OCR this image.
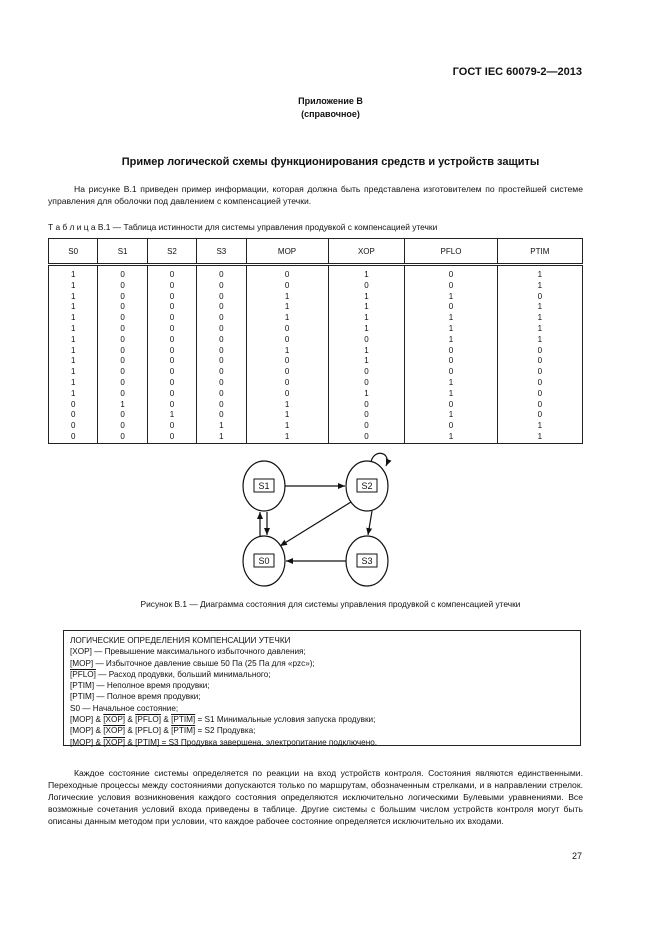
ГОСТ IEC 60079-2—2013
Приложение В
(справочное)
Пример логической схемы функционирования средств и устройств защиты
На рисунке В.1 приведен пример информации, которая должна быть представлена изготовителем по простейшей системе управления для оболочки под давлением с компенсацией утечки.
Т а б л и ц а В.1 — Таблица истинности для системы управления продувкой с компенсацией утечки
S0	S1	S2	S3	MOP	XOP	PFLO	PTIM
1	0	0	0	0	1	0	1
1	0	0	0	0	0	0	1
1	0	0	0	1	1	1	0
1	0	0	0	1	1	0	1
1	0	0	0	1	1	1	1
1	0	0	0	0	1	1	1
1	0	0	0	0	0	1	1
1	0	0	0	1	1	0	0
1	0	0	0	0	1	0	0
1	0	0	0	0	0	0	0
1	0	0	0	0	0	1	0
1	0	0	0	0	1	1	0
0	1	0	0	1	0	0	0
0	0	1	0	1	0	1	0
0	0	0	1	1	0	0	1
0	0	0	1	1	0	1	1
S1	S2
S0	S3
Рисунок В.1 — Диаграмма состояния для системы управления продувкой с компенсацией утечки
ЛОГИЧЕСКИЕ ОПРЕДЕЛЕНИЯ КОМПЕНСАЦИИ УТЕЧКИ
[XOP] — Превышение максимального избыточного давления;
[MOP] — Избыточное давление свыше 50 Па (25 Па для «pzc»);
[PFLO] — Расход продувки, больший минимального;
[PTIM] — Неполное время продувки;
[PTIM] — Полное время продувки;
S0 — Начальное состояние;
[MOP] & [XOP] & [PFLO] & [PTIM] = S1 Минимальные условия запуска продувки;
[MOP] & [XOP] & [PFLO] & [PTIM] = S2 Продувка;
[MOP] & [XOP] & [PTIM] = S3 Продувка завершена, электропитание подключено.
Каждое состояние системы определяется по реакции на вход устройств контроля. Состояния являются единственными. Переходные процессы между состояниями допускаются только по маршрутам, обозначенным стрелками, и в направлении стрелок. Логические условия возникновения каждого состояния определяются исключительно логическими Булевыми уравнениями. Все возможные сочетания условий входа приведены в таблице. Другие системы с большим числом устройств контроля могут быть описаны данным методом при условии, что каждое рабочее состояние определяется исключительно их входами.
27
